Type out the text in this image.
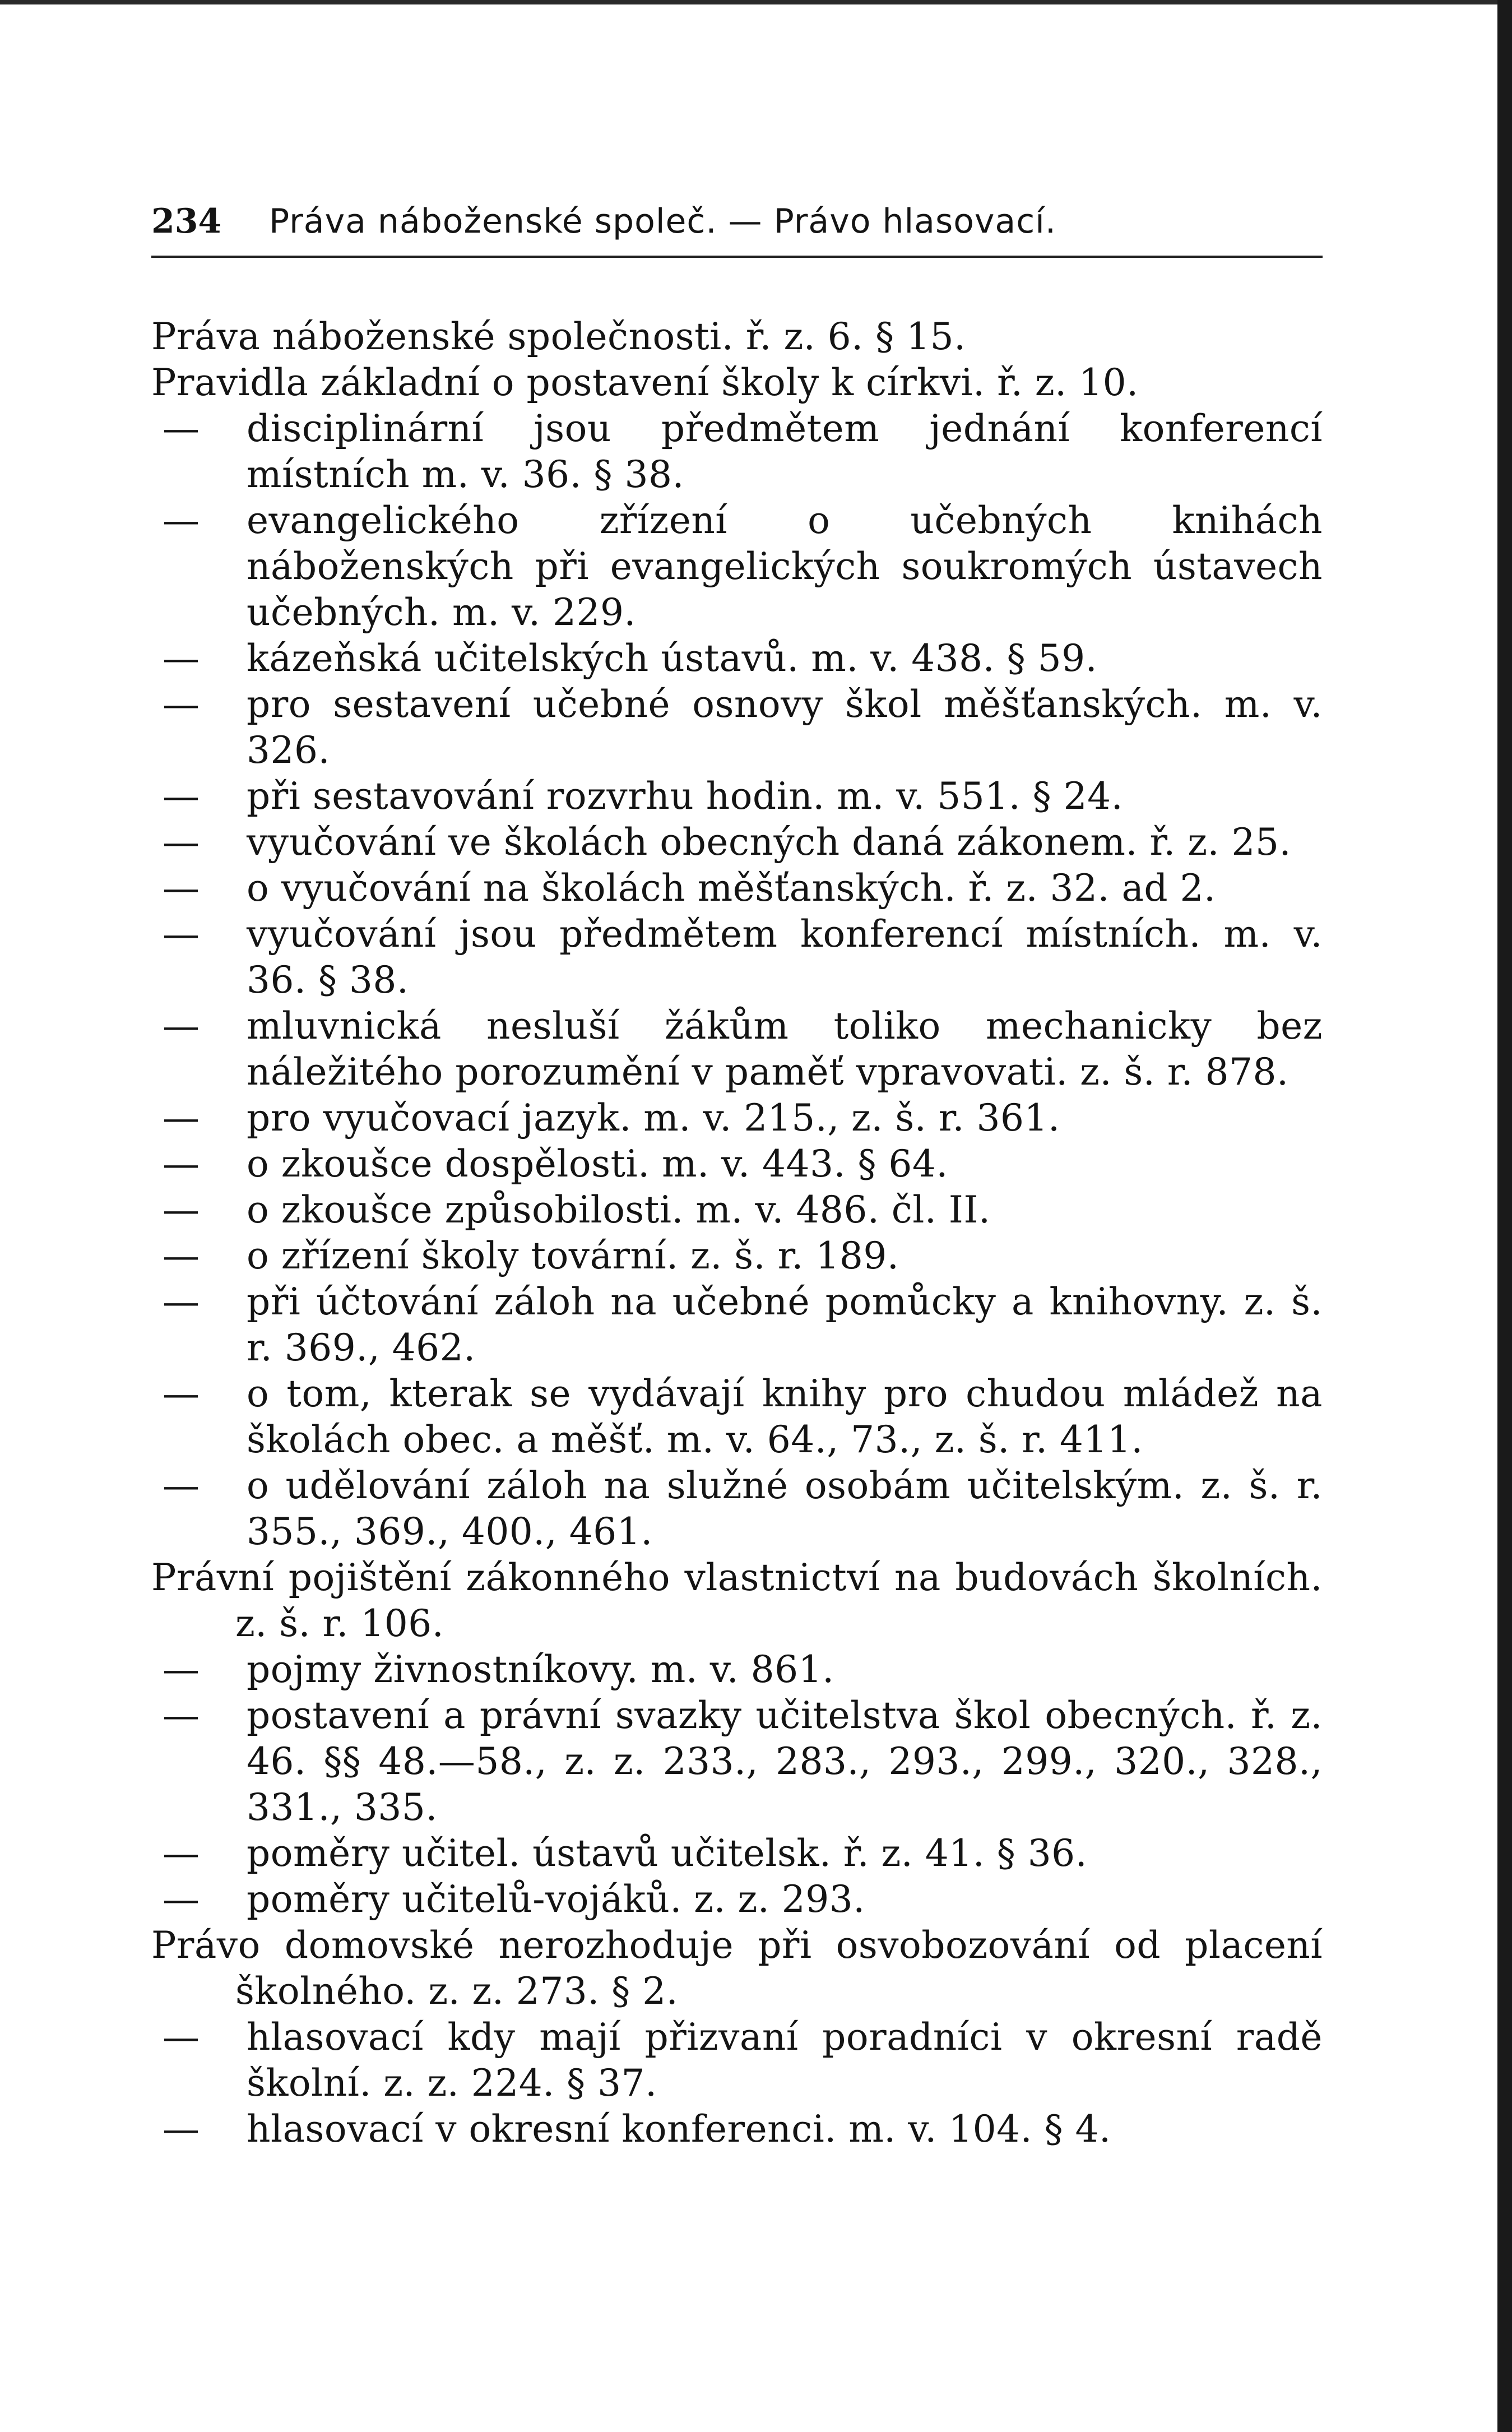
234	Práva náboženské společ. — Právo hlasovací.

Práva náboženské společnosti. ř. z. 6. § 15.

Pravidla základní o postavení školy k církvi. ř. z. 10.

— disciplinární jsou předmětem jednání konferencí místních m. v. 36. § 38.

— evangelického zřízení o učebných knihách náboženských při evangelických soukromých ústavech učebných. m. v. 229.

— kázeňská učitelských ústavů. m. v. 438. § 59.

— pro sestavení učebné osnovy škol měšťanských. m. v. 326.

— při sestavování rozvrhu hodin. m. v. 551. § 24.

— vyučování ve školách obecných daná zákonem. ř. z. 25.

— o vyučování na školách měšťanských. ř. z. 32. ad 2.

— vyučování jsou předmětem konferencí místních. m. v. 36. § 38.

— mluvnická nesluší žákům toliko mechanicky bez náležitého porozumění v paměť vpravovati. z. š. r. 878.

— pro vyučovací jazyk. m. v. 215., z. š. r. 361.

— o zkoušce dospělosti. m. v. 443. § 64.

— o zkoušce způsobilosti. m. v. 486. čl. II.

— o zřízení školy tovární. z. š. r. 189.

— při účtování záloh na učebné pomůcky a knihovny. z. š. r. 369., 462.

— o tom, kterak se vydávají knihy pro chudou mládež na školách obec. a měšť. m. v. 64., 73., z. š. r. 411.

— o udělování záloh na služné osobám učitelským. z. š. r. 355., 369., 400., 461.

Právní pojištění zákonného vlastnictví na budovách školních. z. š. r. 106.

— pojmy živnostníkovy. m. v. 861.

— postavení a právní svazky učitelstva škol obecných. ř. z. 46. §§ 48.—58., z. z. 233., 283., 293., 299., 320., 328., 331., 335.

— poměry učitel. ústavů učitelsk. ř. z. 41. § 36.

— poměry učitelů-vojáků. z. z. 293.

Právo domovské nerozhoduje při osvobozování od placení školného. z. z. 273. § 2.

— hlasovací kdy mají přizvaní poradníci v okresní radě školní. z. z. 224. § 37.

— hlasovací v okresní konferenci. m. v. 104. § 4.
